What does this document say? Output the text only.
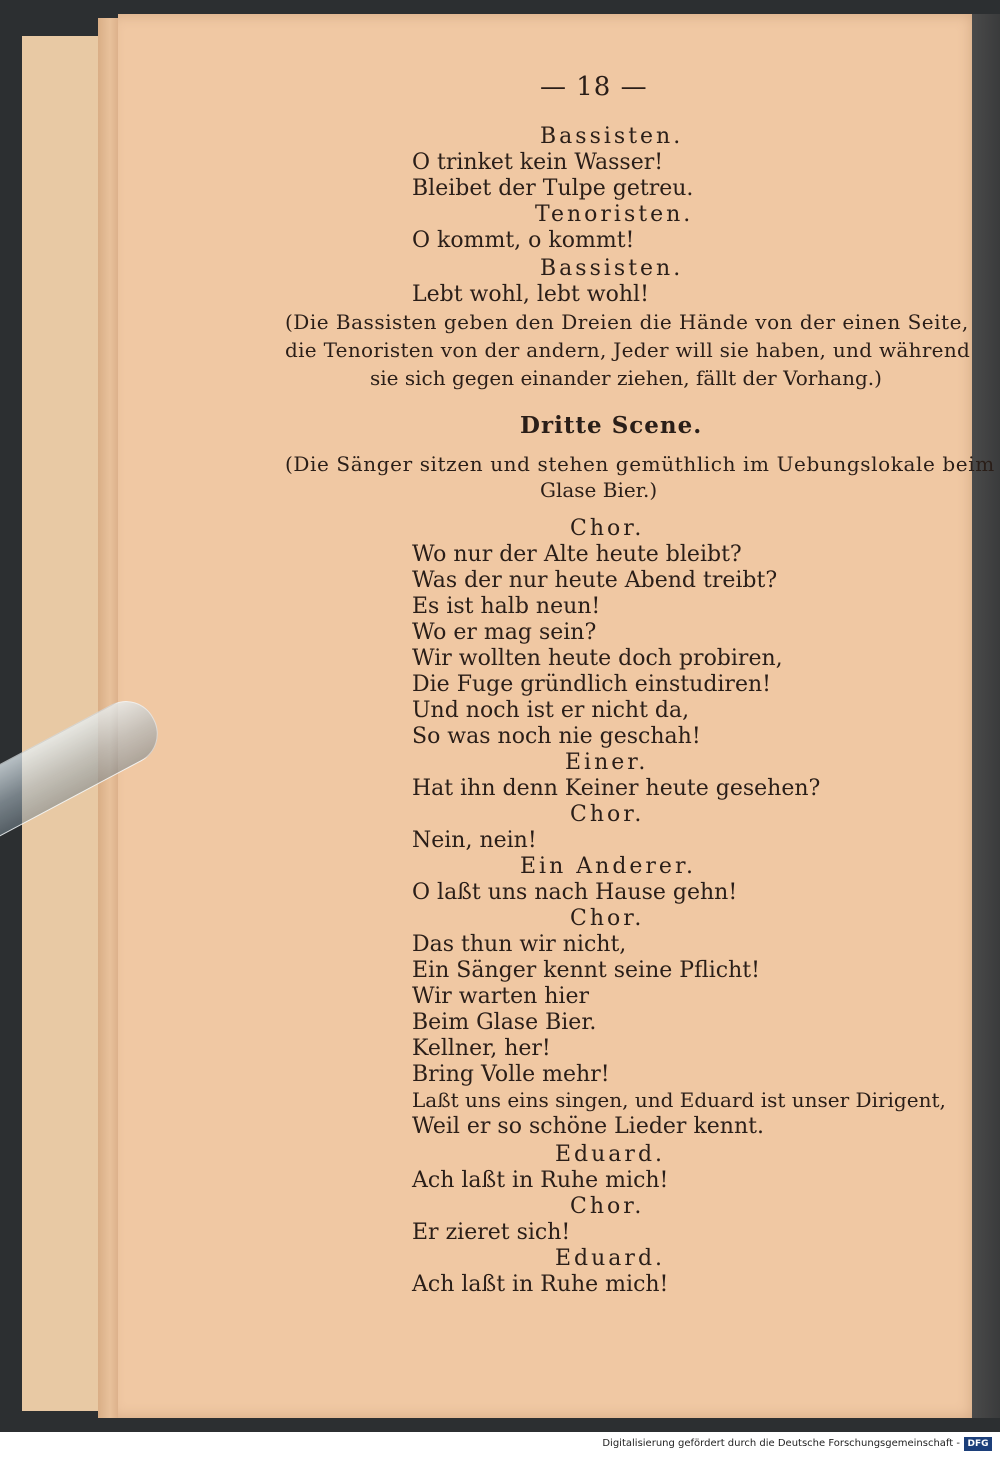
— 18 —
Bassisten.
O trinket kein Wasser!
Bleibet der Tulpe getreu.
Tenoristen.
O kommt, o kommt!
Bassisten.
Lebt wohl, lebt wohl!
(Die Bassisten geben den Dreien die Hände von der einen Seite,
die Tenoristen von der andern, Jeder will sie haben, und während
sie sich gegen einander ziehen, fällt der Vorhang.)
Dritte Scene.
(Die Sänger sitzen und stehen gemüthlich im Uebungslokale beim
Glase Bier.)
Chor.
Wo nur der Alte heute bleibt?
Was der nur heute Abend treibt?
Es ist halb neun!
Wo er mag sein?
Wir wollten heute doch probiren,
Die Fuge gründlich einstudiren!
Und noch ist er nicht da,
So was noch nie geschah!
Einer.
Hat ihn denn Keiner heute gesehen?
Chor.
Nein, nein!
Ein Anderer.
O laßt uns nach Hause gehn!
Chor.
Das thun wir nicht,
Ein Sänger kennt seine Pflicht!
Wir warten hier
Beim Glase Bier.
Kellner, her!
Bring Volle mehr!
Laßt uns eins singen, und Eduard ist unser Dirigent,
Weil er so schöne Lieder kennt.
Eduard.
Ach laßt in Ruhe mich!
Chor.
Er zieret sich!
Eduard.
Ach laßt in Ruhe mich!
Digitalisierung gefördert durch die Deutsche Forschungsgemeinschaft - DFG
